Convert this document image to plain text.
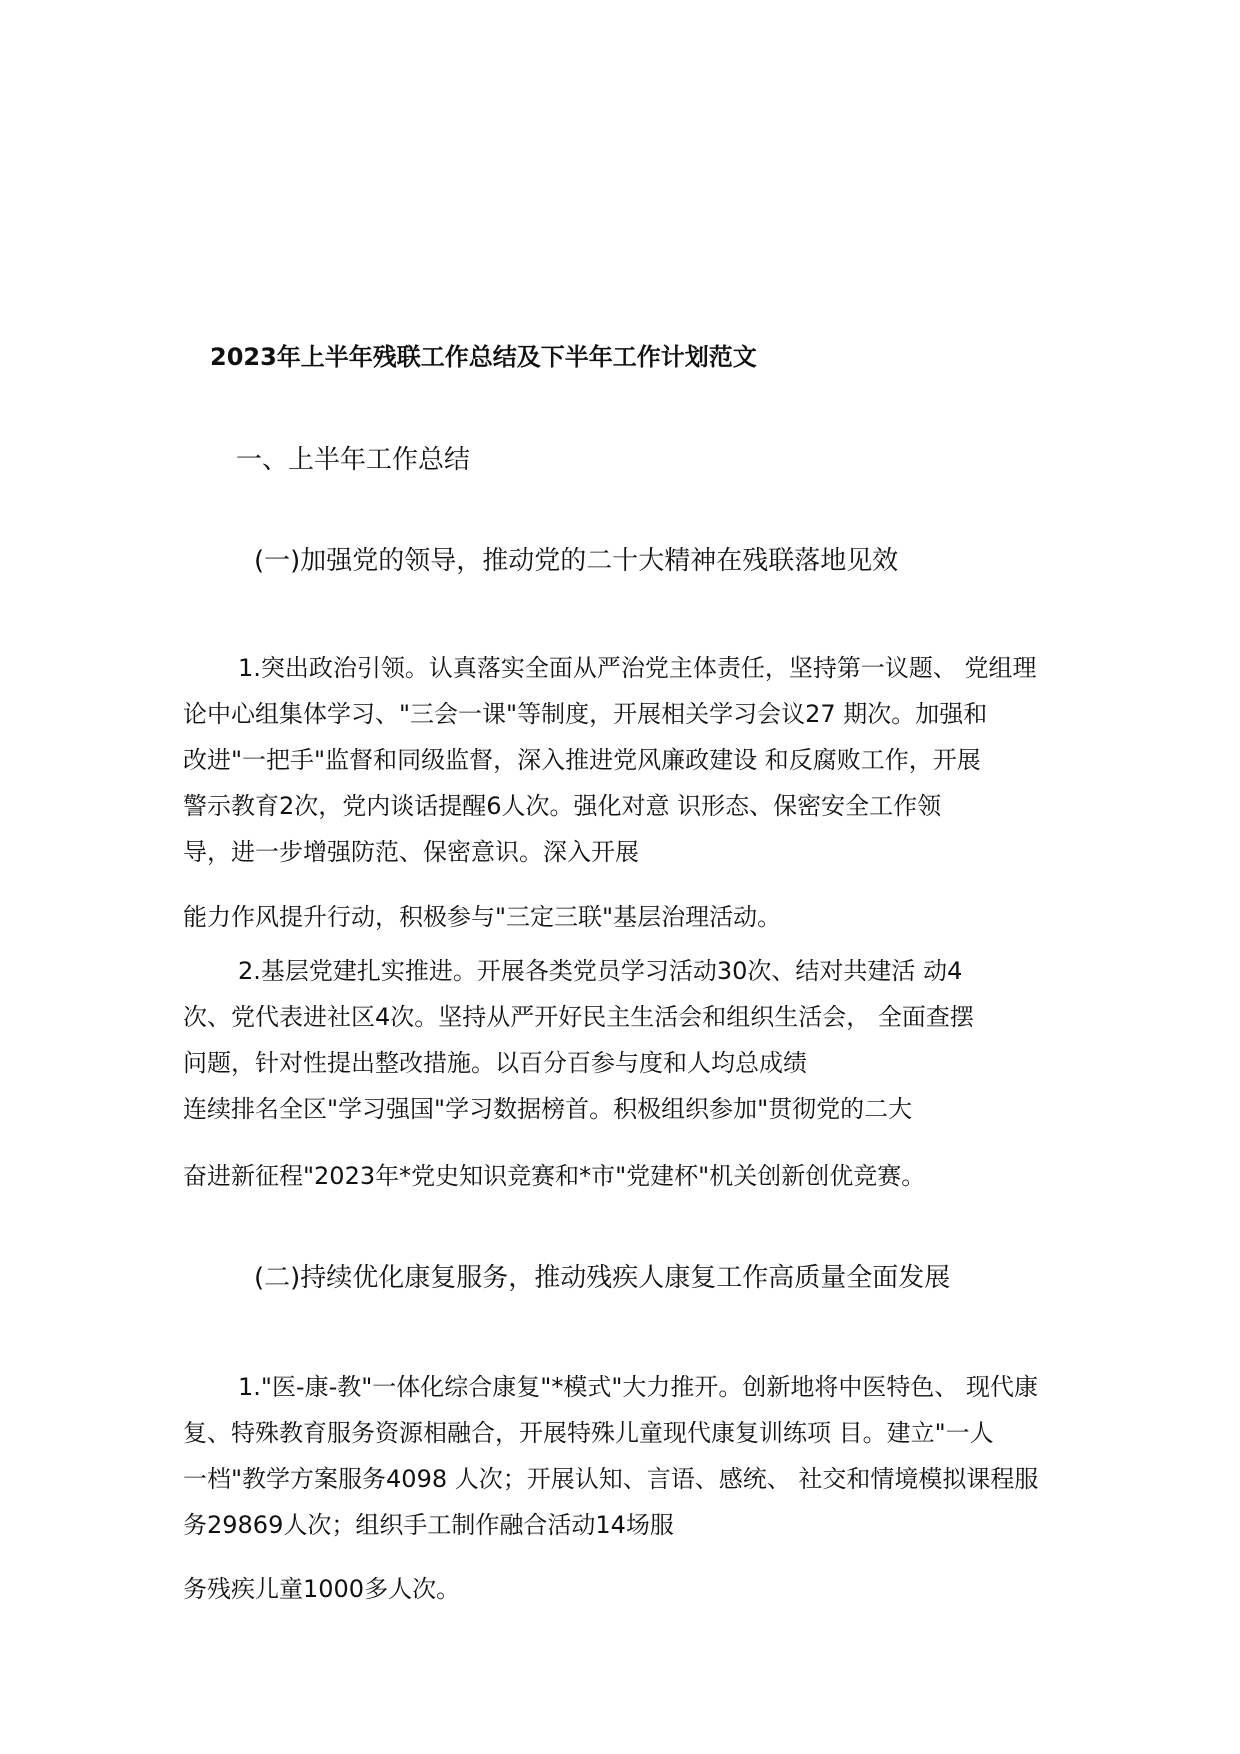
2023年上半年残联工作总结及下半年工作计划范文
一、上半年工作总结
(一)加强党的领导，推动党的二十大精神在残联落地见效
1.突出政治引领。认真落实全面从严治党主体责任，坚持第一议题、 党组理
论中心组集体学习、"三会一课"等制度，开展相关学习会议27 期次。加强和
改进"一把手"监督和同级监督，深入推进党风廉政建设 和反腐败工作，开展
警示教育2次，党内谈话提醒6人次。强化对意 识形态、保密安全工作领
导，进一步增强防范、保密意识。深入开展
能力作风提升行动，积极参与"三定三联"基层治理活动。
2.基层党建扎实推进。开展各类党员学习活动30次、结对共建活 动4
次、党代表进社区4次。坚持从严开好民主生活会和组织生活会， 全面查摆
问题，针对性提出整改措施。以百分百参与度和人均总成绩
连续排名全区"学习强国"学习数据榜首。积极组织参加"贯彻党的二大
奋进新征程"2023年*党史知识竞赛和*市"党建杯"机关创新创优竞赛。
(二)持续优化康复服务，推动残疾人康复工作高质量全面发展
1."医-康-教"一体化综合康复"*模式"大力推开。创新地将中医特色、 现代康
复、特殊教育服务资源相融合，开展特殊儿童现代康复训练项 目。建立"一人
一档"教学方案服务4098 人次；开展认知、言语、感统、 社交和情境模拟课程服
务29869人次；组织手工制作融合活动14场服
务残疾儿童1000多人次。
